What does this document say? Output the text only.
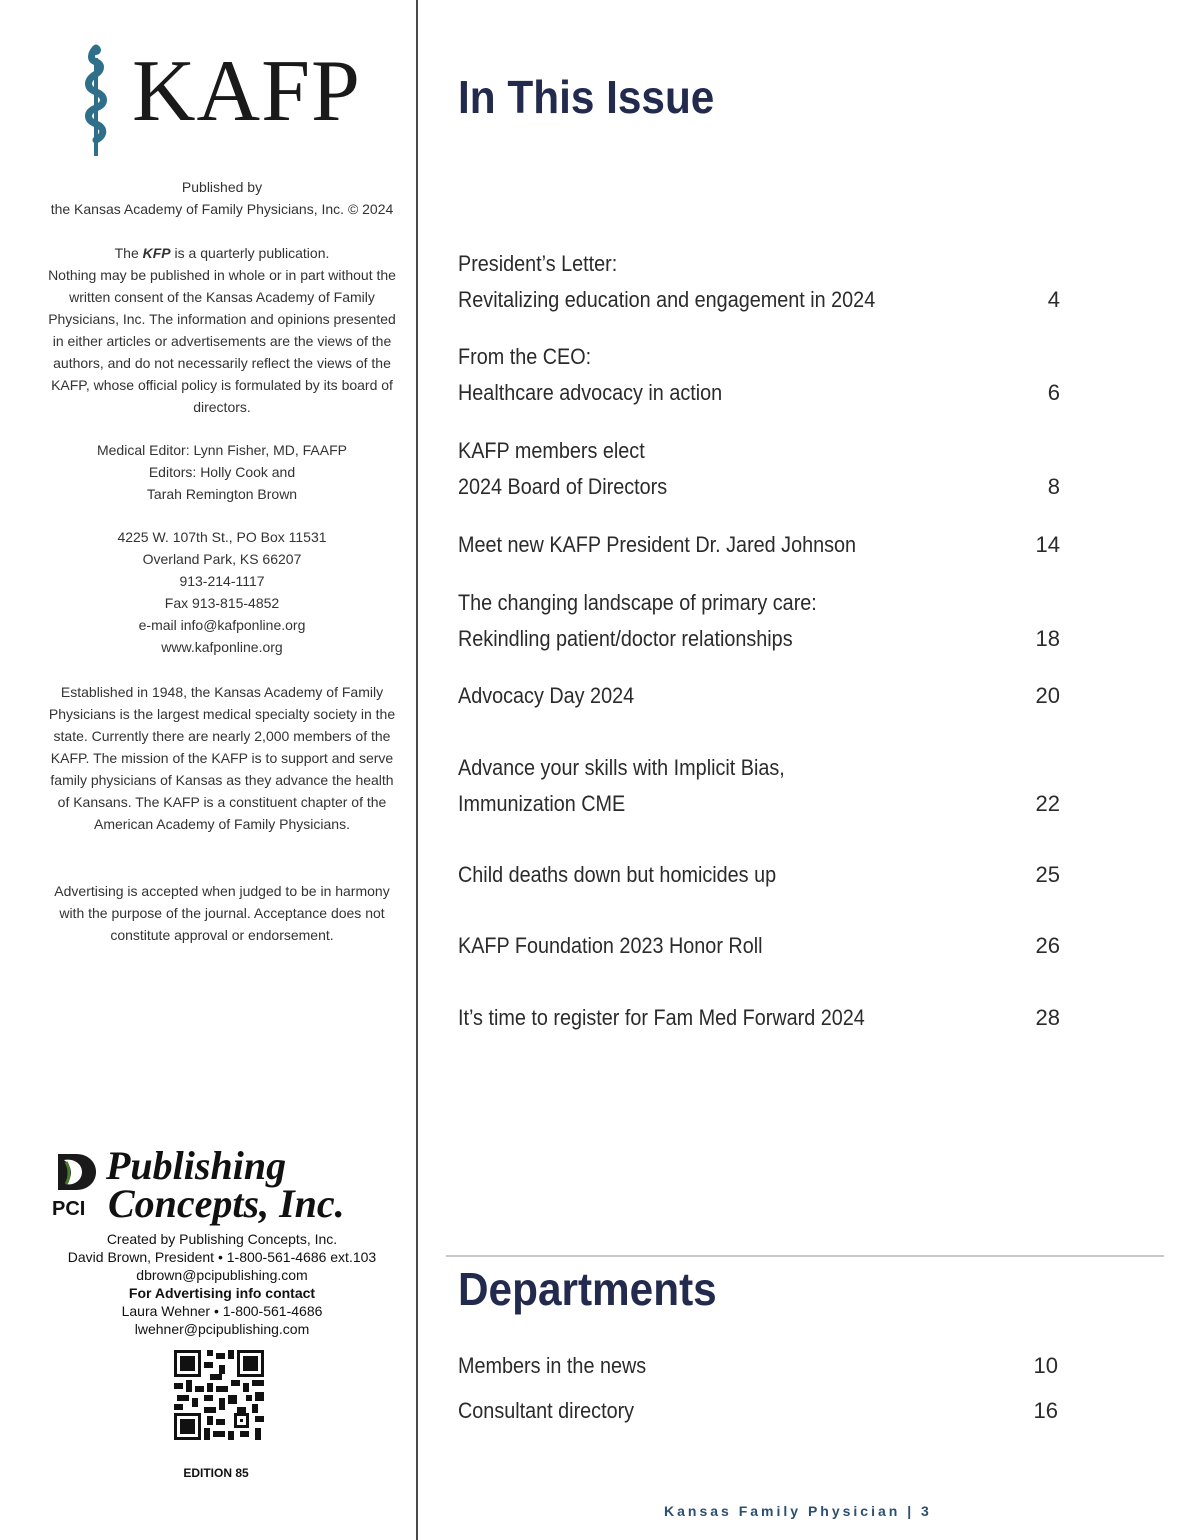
KAFP
Published by
the Kansas Academy of Family Physicians, Inc. © 2024
The KFP is a quarterly publication.
Nothing may be published in whole or in part without the written consent of the Kansas Academy of Family Physicians, Inc. The information and opinions presented in either articles or advertisements are the views of the authors, and do not necessarily reflect the views of the KAFP, whose official policy is formulated by its board of directors.
Medical Editor: Lynn Fisher, MD, FAAFP
Editors: Holly Cook and
Tarah Remington Brown
4225 W. 107th St., PO Box 11531
Overland Park, KS 66207
913-214-1117
Fax 913-815-4852
e-mail info@kafponline.org
www.kafponline.org
Established in 1948, the Kansas Academy of Family Physicians is the largest medical specialty society in the state. Currently there are nearly 2,000 members of the KAFP. The mission of the KAFP is to support and serve family physicians of Kansas as they advance the health of Kansans. The KAFP is a constituent chapter of the American Academy of Family Physicians.
Advertising is accepted when judged to be in harmony with the purpose of the journal. Acceptance does not constitute approval or endorsement.
PCI
Publishing
Concepts, Inc.
Created by Publishing Concepts, Inc.
David Brown, President • 1-800-561-4686 ext.103
dbrown@pcipublishing.com
For Advertising info contact
Laura Wehner • 1-800-561-4686
lwehner@pcipublishing.com
EDITION 85
In This Issue
President’s Letter:
Revitalizing education and engagement in 2024	4
From the CEO:
Healthcare advocacy in action	6
KAFP members elect
2024 Board of Directors	8
Meet new KAFP President Dr. Jared Johnson	14
The changing landscape of primary care:
Rekindling patient/doctor relationships	18
Advocacy Day 2024	20
Advance your skills with Implicit Bias,
Immunization CME	22
Child deaths down but homicides up	25
KAFP Foundation 2023 Honor Roll	26
It’s time to register for Fam Med Forward 2024	28
Departments
Members in the news	10
Consultant directory	16
Kansas Family Physician | 3
